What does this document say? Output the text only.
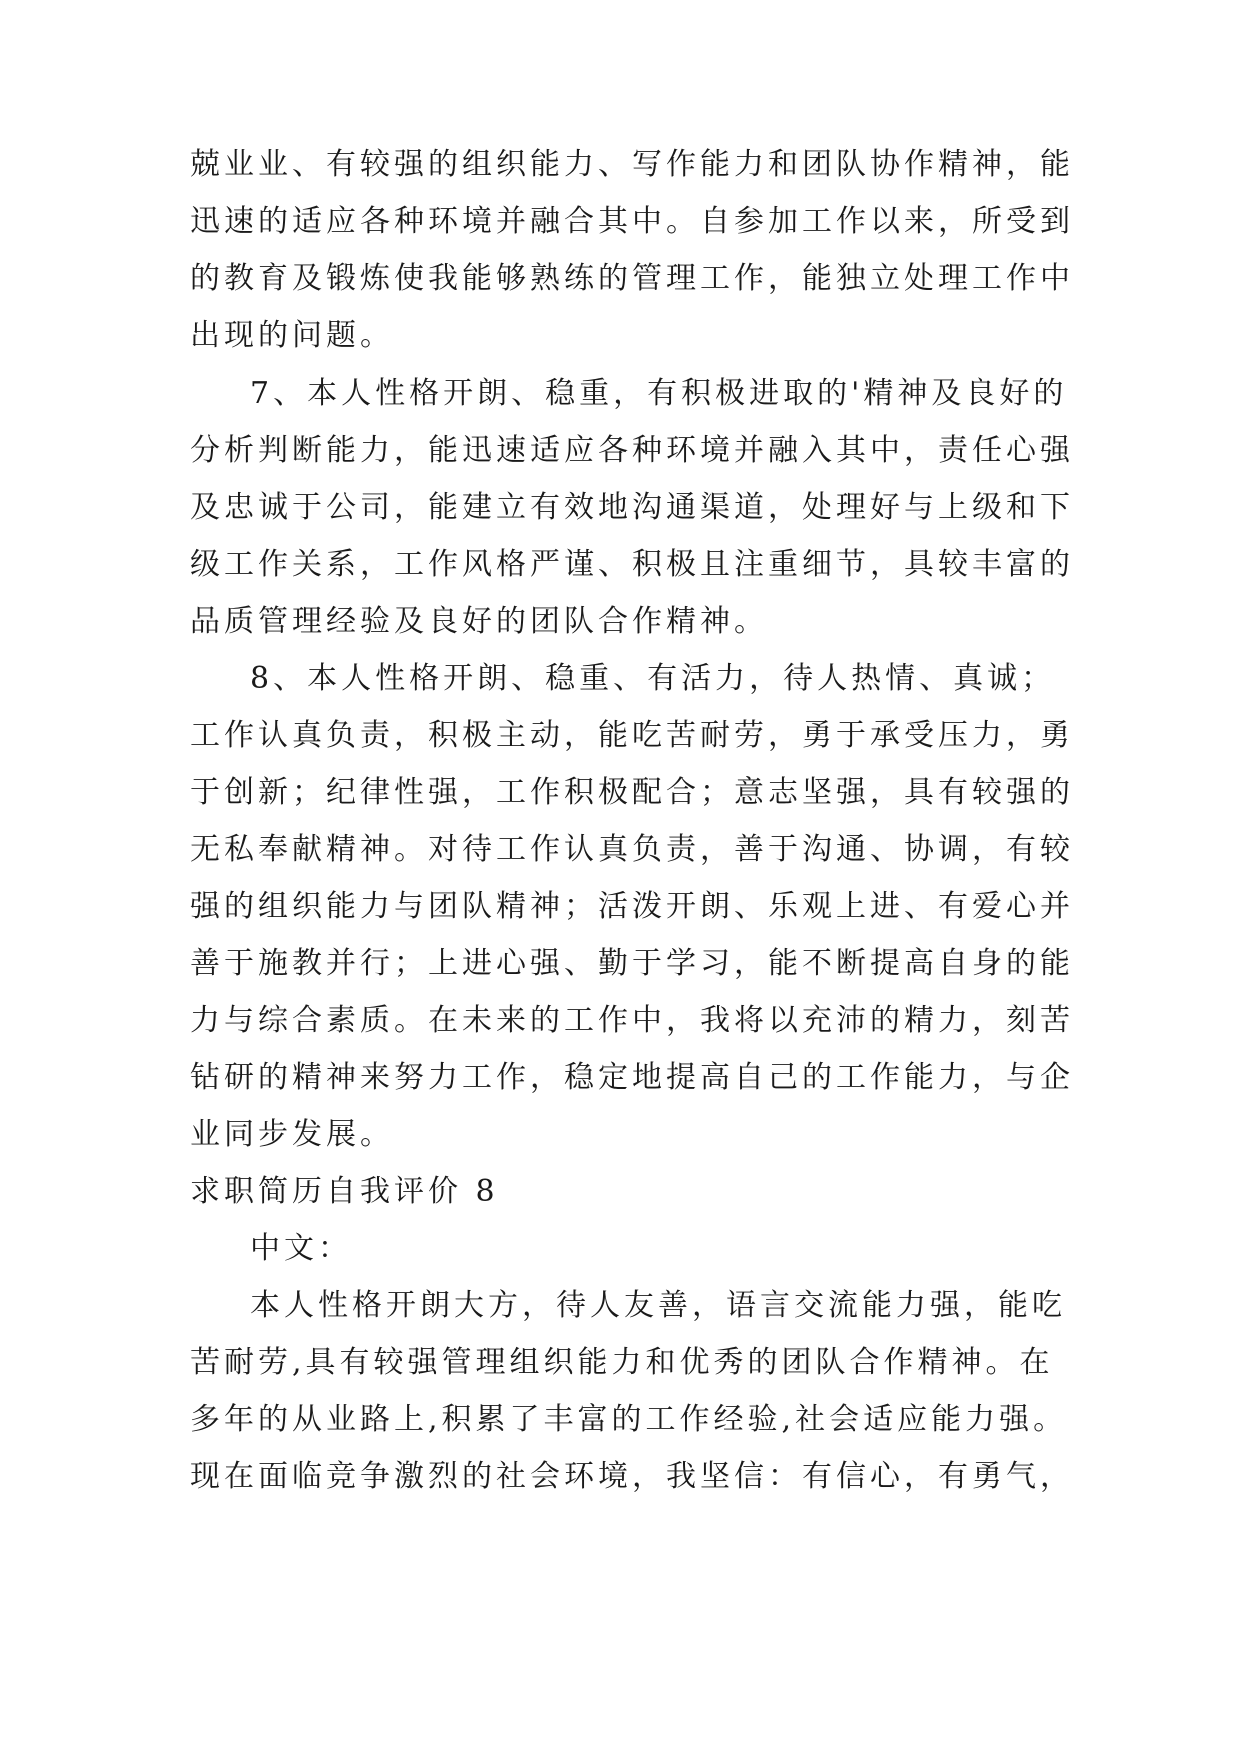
兢业业、有较强的组织能力、写作能力和团队协作精神，能

迅速的适应各种环境并融合其中。自参加工作以来，所受到

的教育及锻炼使我能够熟练的管理工作，能独立处理工作中

出现的问题。

7、本人性格开朗、稳重，有积极进取的'精神及良好的

分析判断能力，能迅速适应各种环境并融入其中，责任心强

及忠诚于公司，能建立有效地沟通渠道，处理好与上级和下

级工作关系，工作风格严谨、积极且注重细节，具较丰富的

品质管理经验及良好的团队合作精神。

8、本人性格开朗、稳重、有活力，待人热情、真诚；

工作认真负责，积极主动，能吃苦耐劳，勇于承受压力，勇

于创新；纪律性强，工作积极配合；意志坚强，具有较强的

无私奉献精神。对待工作认真负责，善于沟通、协调，有较

强的组织能力与团队精神；活泼开朗、乐观上进、有爱心并

善于施教并行；上进心强、勤于学习，能不断提高自身的能

力与综合素质。在未来的工作中，我将以充沛的精力，刻苦

钻研的精神来努力工作，稳定地提高自己的工作能力，与企

业同步发展。

求职简历自我评价 8

中文：

本人性格开朗大方，待人友善，语言交流能力强，能吃

苦耐劳,具有较强管理组织能力和优秀的团队合作精神。在

多年的从业路上,积累了丰富的工作经验,社会适应能力强。

现在面临竞争激烈的社会环境，我坚信：有信心，有勇气，
